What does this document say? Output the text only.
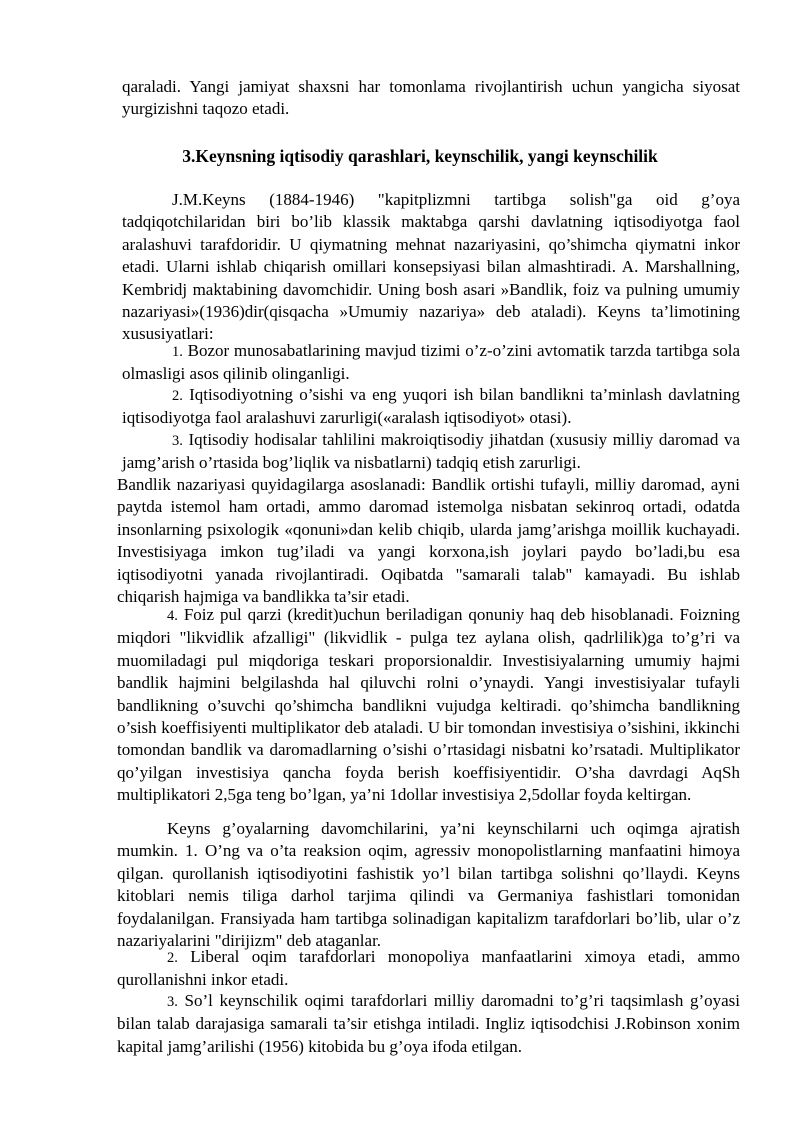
qaraladi. Yangi jamiyat shaxsni har tomonlama rivojlantirish uchun yangicha siyosat yurgizishni taqozo etadi.

3.Keynsning iqtisodiy qarashlari, keynschilik, yangi keynschilik

J.M.Keyns (1884-1946) "kapitplizmni tartibga solish"ga oid g’oya tadqiqotchilaridan biri bo’lib klassik maktabga qarshi davlatning iqtisodiyotga faol aralashuvi tarafdoridir. U qiymatning mehnat nazariyasini, qo’shimcha qiymatni inkor etadi. Ularni ishlab chiqarish omillari konsepsiyasi bilan almashtiradi. A. Marshallning, Kembridj maktabining davomchidir. Uning bosh asari »Bandlik, foiz va pulning umumiy nazariyasi»(1936)dir(qisqacha »Umumiy nazariya» deb ataladi). Keyns ta’limotining xususiyatlari:

1. Bozor munosabatlarining mavjud tizimi o’z-o’zini avtomatik tarzda tartibga sola olmasligi asos qilinib olinganligi.

2. Iqtisodiyotning o’sishi va eng yuqori ish bilan bandlikni ta’minlash davlatning iqtisodiyotga faol aralashuvi zarurligi(«aralash iqtisodiyot» otasi).

3. Iqtisodiy hodisalar tahlilini makroiqtisodiy jihatdan (xususiy milliy daromad va jamg’arish o’rtasida bog’liqlik va nisbatlarni) tadqiq etish zarurligi.

Bandlik nazariyasi quyidagilarga asoslanadi: Bandlik ortishi tufayli, milliy daromad, ayni paytda istemol ham ortadi, ammo daromad istemolga nisbatan sekinroq ortadi, odatda insonlarning psixologik «qonuni»dan kelib chiqib, ularda jamg’arishga moillik kuchayadi. Investisiyaga imkon tug’iladi va yangi korxona,ish joylari paydo bo’ladi,bu esa iqtisodiyotni yanada rivojlantiradi. Oqibatda "samarali talab" kamayadi. Bu ishlab chiqarish hajmiga va bandlikka ta’sir etadi.

4. Foiz pul qarzi (kredit)uchun beriladigan qonuniy haq deb hisoblanadi. Foizning miqdori "likvidlik afzalligi" (likvidlik - pulga tez aylana olish, qadrlilik)ga to’g’ri va muomiladagi pul miqdoriga teskari proporsionaldir. Investisiyalarning umumiy hajmi bandlik hajmini belgilashda hal qiluvchi rolni o’ynaydi. Yangi investisiyalar tufayli bandlikning o’suvchi qo’shimcha bandlikni vujudga keltiradi. qo’shimcha bandlikning o’sish koeffisiyenti multiplikator deb ataladi. U bir tomondan investisiya o’sishini, ikkinchi tomondan bandlik va daromadlarning o’sishi o’rtasidagi nisbatni ko’rsatadi. Multiplikator qo’yilgan investisiya qancha foyda berish koeffisiyentidir. O’sha davrdagi AqSh multiplikatori 2,5ga teng bo’lgan, ya’ni 1dollar investisiya 2,5dollar foyda keltirgan.

Keyns g’oyalarning davomchilarini, ya’ni keynschilarni uch oqimga ajratish mumkin. 1. O’ng va o’ta reaksion oqim, agressiv monopolistlarning manfaatini himoya qilgan. qurollanish iqtisodiyotini fashistik yo’l bilan tartibga solishni qo’llaydi. Keyns kitoblari nemis tiliga darhol tarjima qilindi va Germaniya fashistlari tomonidan foydalanilgan. Fransiyada ham tartibga solinadigan kapitalizm tarafdorlari bo’lib, ular o’z nazariyalarini "dirijizm" deb ataganlar.

2. Liberal oqim tarafdorlari monopoliya manfaatlarini ximoya etadi, ammo qurollanishni inkor etadi.

3. So’l keynschilik oqimi tarafdorlari milliy daromadni to’g’ri taqsimlash g’oyasi bilan talab darajasiga samarali ta’sir etishga intiladi. Ingliz iqtisodchisi J.Robinson xonim kapital jamg’arilishi (1956) kitobida bu g’oya ifoda etilgan.
